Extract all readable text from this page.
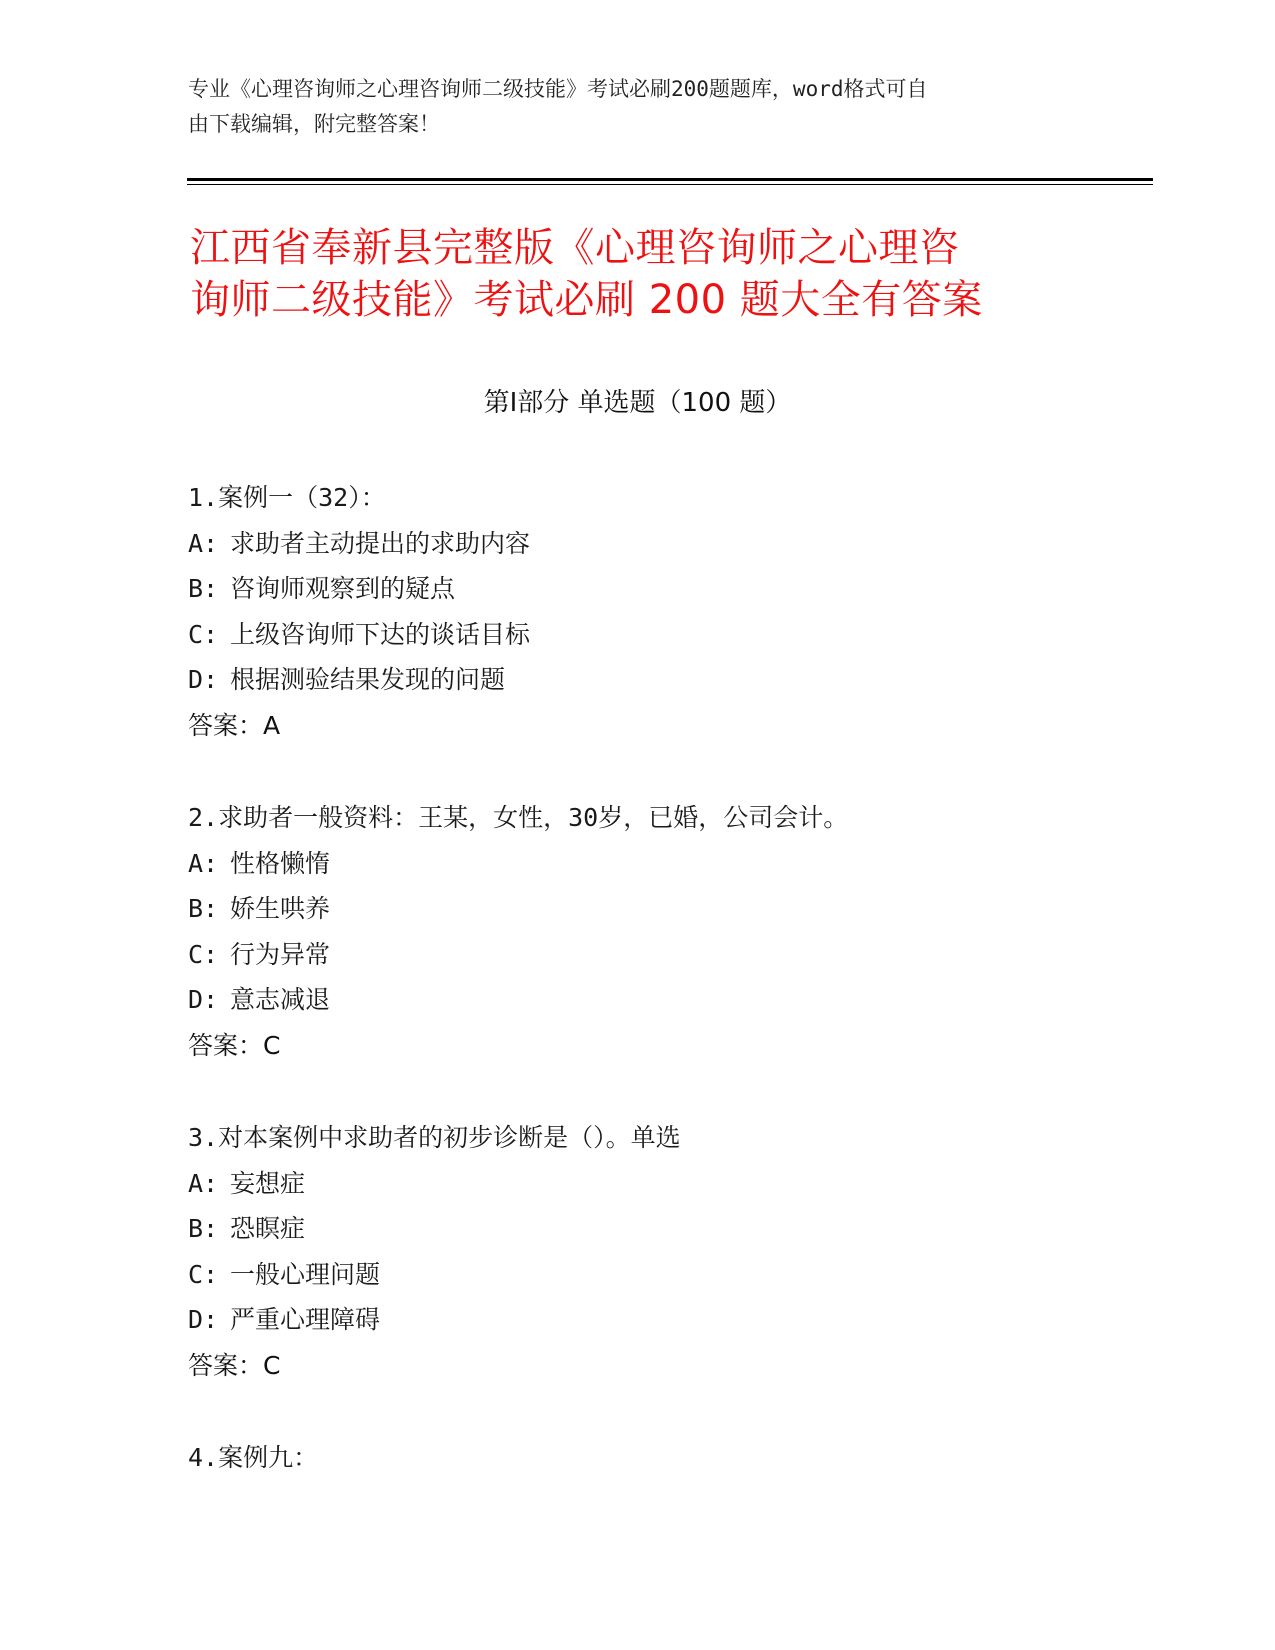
专业《心理咨询师之心理咨询师二级技能》考试必刷200题题库，word格式可自
由下载编辑，附完整答案！
江西省奉新县完整版《心理咨询师之心理咨
询师二级技能》考试必刷 200 题大全有答案
第Ⅰ部分 单选题（100 题）
1.案例一（32）：
A: 求助者主动提出的求助内容
B: 咨询师观察到的疑点
C: 上级咨询师下达的谈话目标
D: 根据测验结果发现的问题
答案：A
2.求助者一般资料：王某，女性，30岁，已婚，公司会计。
A: 性格懒惰
B: 娇生哄养
C: 行为异常
D: 意志减退
答案：C
3.对本案例中求助者的初步诊断是（）。单选
A: 妄想症
B: 恐瞑症
C: 一般心理问题
D: 严重心理障碍
答案：C
4.案例九：
